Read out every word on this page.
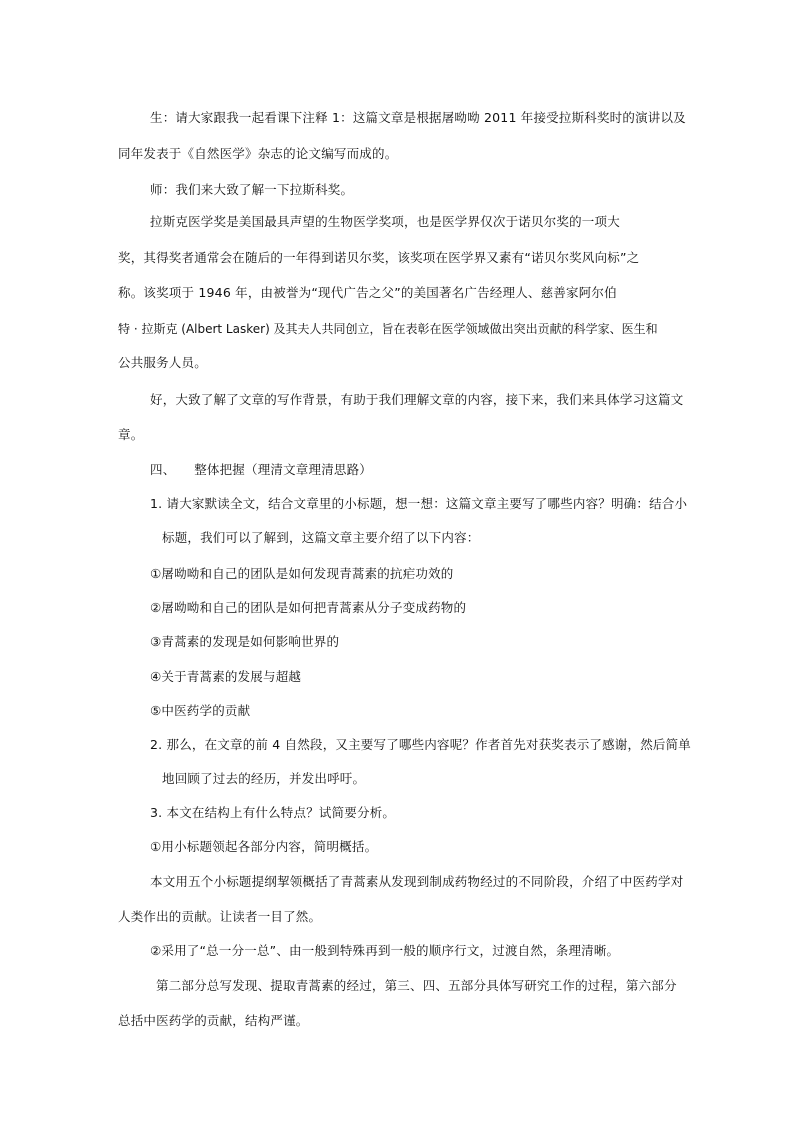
生：请大家跟我一起看课下注释 1：这篇文章是根据屠呦呦 2011 年接受拉斯科奖时的演讲以及
同年发表于《自然医学》杂志的论文编写而成的。
师：我们来大致了解一下拉斯科奖。
拉斯克医学奖是美国最具声望的生物医学奖项，也是医学界仅次于诺贝尔奖的一项大
奖，其得奖者通常会在随后的一年得到诺贝尔奖，该奖项在医学界又素有“诺贝尔奖风向标”之
称。该奖项于 1946 年，由被誉为“现代广告之父”的美国著名广告经理人、慈善家阿尔伯
特 · 拉斯克 (Albert Lasker) 及其夫人共同创立，旨在表彰在医学领域做出突出贡献的科学家、医生和
公共服务人员。
好，大致了解了文章的写作背景，有助于我们理解文章的内容，接下来，我们来具体学习这篇文
章。
四、 整体把握（理清文章理清思路）
1. 请大家默读全文，结合文章里的小标题，想一想：这篇文章主要写了哪些内容？明确：结合小
标题，我们可以了解到，这篇文章主要介绍了以下内容：
①屠呦呦和自己的团队是如何发现青蒿素的抗疟功效的
②屠呦呦和自己的团队是如何把青蒿素从分子变成药物的
③青蒿素的发现是如何影响世界的
④关于青蒿素的发展与超越
⑤中医药学的贡献
2. 那么，在文章的前 4 自然段，又主要写了哪些内容呢？作者首先对获奖表示了感谢，然后简单
地回顾了过去的经历，并发出呼吁。
3. 本文在结构上有什么特点？试简要分析。
①用小标题领起各部分内容，简明概括。
本文用五个小标题提纲挈领概括了青蒿素从发现到制成药物经过的不同阶段，介绍了中医药学对
人类作出的贡献。让读者一目了然。
②采用了“总一分一总”、由一般到特殊再到一般的顺序行文，过渡自然，条理清晰。
第二部分总写发现、提取青蒿素的经过，第三、四、五部分具体写研究工作的过程，第六部分
总括中医药学的贡献，结构严谨。
